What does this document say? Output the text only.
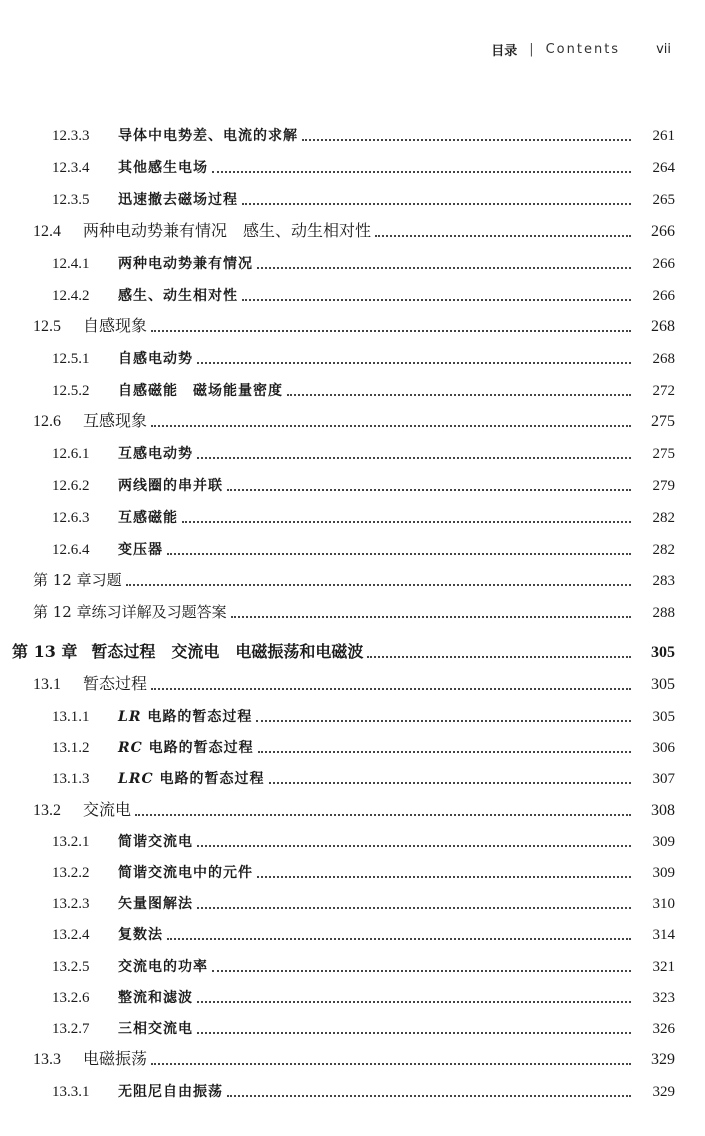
目录 | Contents	vii
12.3.3	导体中电势差、电流的求解	261
12.3.4	其他感生电场	264
12.3.5	迅速撤去磁场过程	265
12.4	两种电动势兼有情况　感生、动生相对性	266
12.4.1	两种电动势兼有情况	266
12.4.2	感生、动生相对性	266
12.5	自感现象	268
12.5.1	自感电动势	268
12.5.2	自感磁能　磁场能量密度	272
12.6	互感现象	275
12.6.1	互感电动势	275
12.6.2	两线圈的串并联	279
12.6.3	互感磁能	282
12.6.4	变压器	282
第 12 章习题	283
第 12 章练习详解及习题答案	288
第 13 章 暂态过程　交流电　电磁振荡和电磁波	305
13.1	暂态过程	305
13.1.1	LR 电路的暂态过程	305
13.1.2	RC 电路的暂态过程	306
13.1.3	LRC 电路的暂态过程	307
13.2	交流电	308
13.2.1	简谐交流电	309
13.2.2	简谐交流电中的元件	309
13.2.3	矢量图解法	310
13.2.4	复数法	314
13.2.5	交流电的功率	321
13.2.6	整流和滤波	323
13.2.7	三相交流电	326
13.3	电磁振荡	329
13.3.1	无阻尼自由振荡	329
